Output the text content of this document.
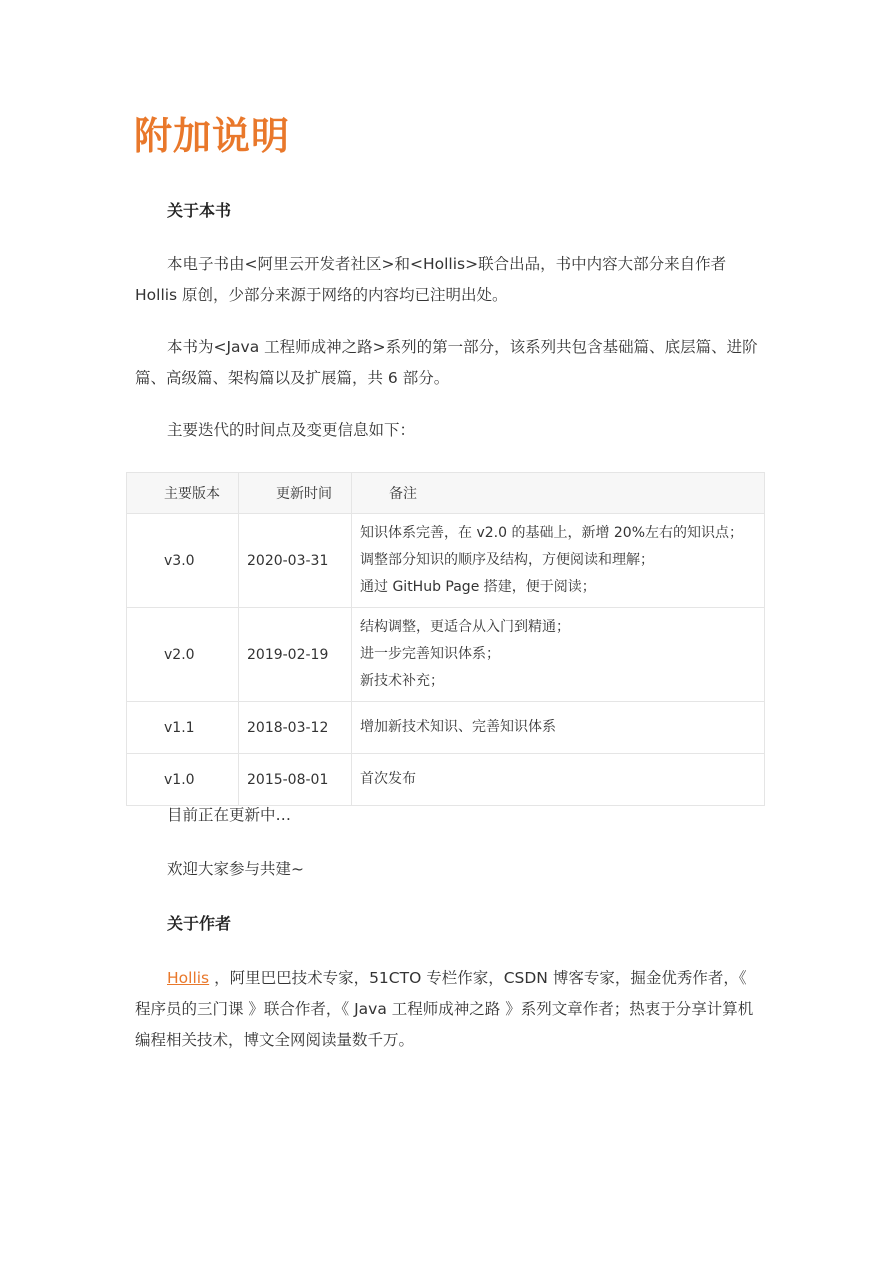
附加说明
关于本书

本电子书由<阿里云开发者社区>和<Hollis>联合出品，书中内容大部分来自作者Hollis 原创，少部分来源于网络的内容均已注明出处。

本书为<Java 工程师成神之路>系列的第一部分，该系列共包含基础篇、底层篇、进阶篇、高级篇、架构篇以及扩展篇，共 6 部分。

主要迭代的时间点及变更信息如下：

主要版本	更新时间	备注
v3.0	2020-03-31	知识体系完善，在 v2.0 的基础上，新增 20%左右的知识点；
调整部分知识的顺序及结构，方便阅读和理解；
通过 GitHub Page 搭建，便于阅读；

v2.0	2019-02-19	结构调整，更适合从入门到精通；
进一步完善知识体系；
新技术补充；

v1.1	2018-03-12	增加新技术知识、完善知识体系

v1.0	2015-08-01	首次发布

目前正在更新中…

欢迎大家参与共建~

关于作者

Hollis ，阿里巴巴技术专家，51CTO 专栏作家，CSDN 博客专家，掘金优秀作者，《 程序员的三门课 》联合作者，《 Java 工程师成神之路 》系列文章作者；热衷于分享计算机编程相关技术，博文全网阅读量数千万。
